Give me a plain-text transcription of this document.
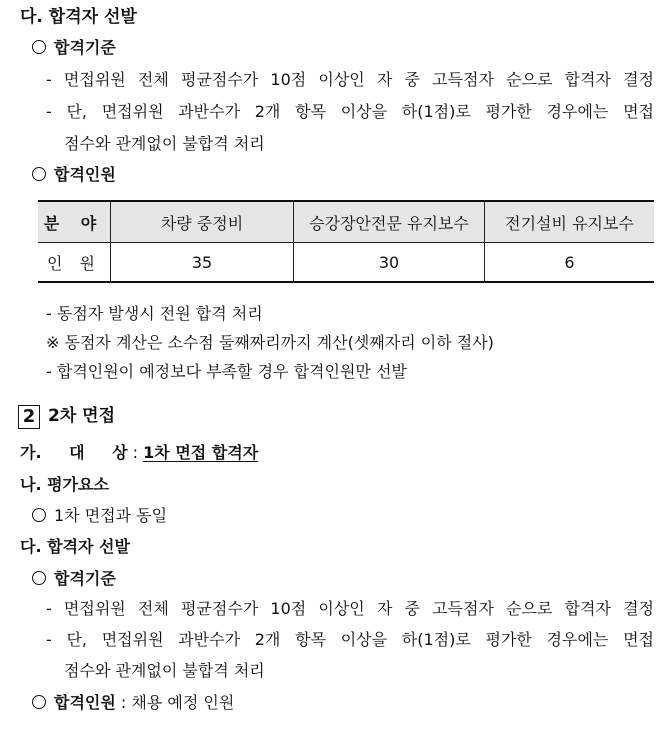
다. 합격자 선발
합격기준
- 면접위원 전체 평균점수가 10점 이상인 자 중 고득점자 순으로 합격자 결정
- 단, 면접위원 과반수가 2개 항목 이상을 하(1점)로 평가한 경우에는 면접
점수와 관계없이 불합격 처리
합격인원
분 야	차량 중정비	승강장안전문 유지보수	전기설비 유지보수
인 원	35	30	6
- 동점자 발생시 전원 합격 처리
※ 동점자 계산은 소수점 둘째짜리까지 계산(셋째자리 이하 절사)
- 합격인원이 예정보다 부족할 경우 합격인원만 선발
2 2차 면접
가. 대 상 : 1차 면접 합격자
나. 평가요소
1차 면접과 동일
다. 합격자 선발
합격기준
- 면접위원 전체 평균점수가 10점 이상인 자 중 고득점자 순으로 합격자 결정
- 단, 면접위원 과반수가 2개 항목 이상을 하(1점)로 평가한 경우에는 면접
점수와 관계없이 불합격 처리
합격인원 : 채용 예정 인원
